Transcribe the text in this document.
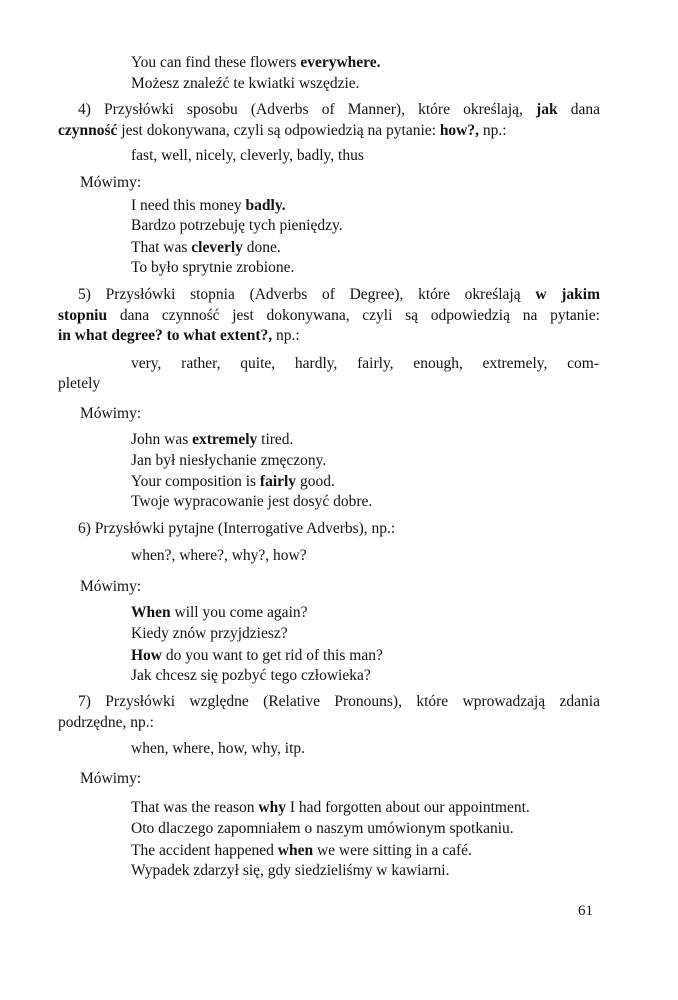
You can find these flowers everywhere.
Możesz znaleźć te kwiatki wszędzie.
4) Przysłówki sposobu (Adverbs of Manner), które określają, jak dana
czynność jest dokonywana, czyli są odpowiedzią na pytanie: how?, np.:
fast, well, nicely, cleverly, badly, thus
Mówimy:
I need this money badly.
Bardzo potrzebuję tych pieniędzy.
That was cleverly done.
To było sprytnie zrobione.
5) Przysłówki stopnia (Adverbs of Degree), które określają w jakim
stopniu dana czynność jest dokonywana, czyli są odpowiedzią na pytanie:
in what degree? to what extent?, np.:
very, rather, quite, hardly, fairly, enough, extremely, com-
pletely
Mówimy:
John was extremely tired.
Jan był niesłychanie zmęczony.
Your composition is fairly good.
Twoje wypracowanie jest dosyć dobre.
6) Przysłówki pytajne (Interrogative Adverbs), np.:
when?, where?, why?, how?
Mówimy:
When will you come again?
Kiedy znów przyjdziesz?
How do you want to get rid of this man?
Jak chcesz się pozbyć tego człowieka?
7) Przysłówki względne (Relative Pronouns), które wprowadzają zdania
podrzędne, np.:
when, where, how, why, itp.
Mówimy:
That was the reason why I had forgotten about our appointment.
Oto dlaczego zapomniałem o naszym umówionym spotkaniu.
The accident happened when we were sitting in a café.
Wypadek zdarzył się, gdy siedzieliśmy w kawiarni.
61
